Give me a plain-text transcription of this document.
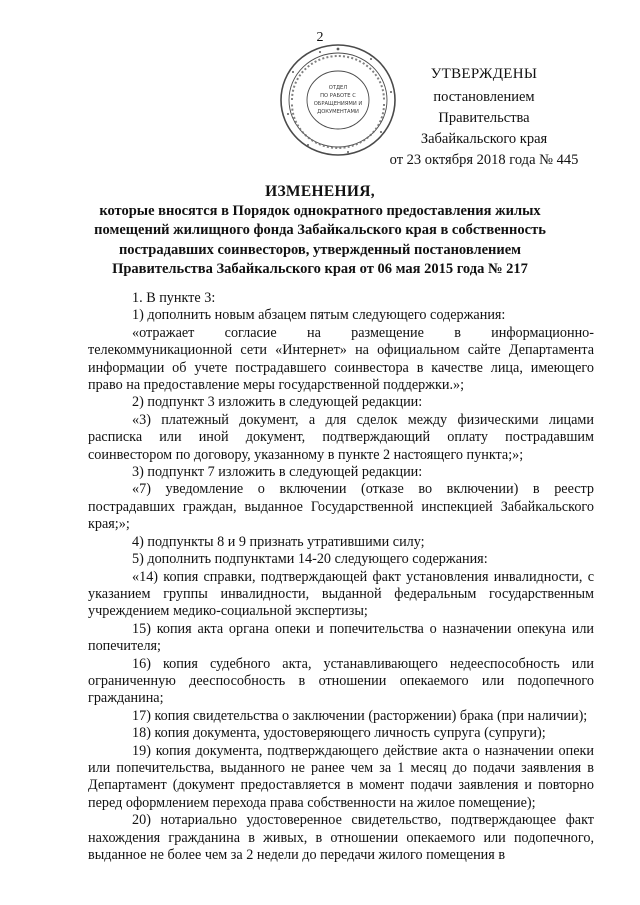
2
ОТДЕЛ
ПО РАБОТЕ С
ОБРАЩЕНИЯМИ И
ДОКУМЕНТАМИ
УТВЕРЖДЕНЫ
постановлением Правительства
Забайкальского края
от 23 октября 2018 года № 445
ИЗМЕНЕНИЯ,
которые вносятся в Порядок однократного предоставления жилых помещений жилищного фонда Забайкальского края в собственность пострадавших соинвесторов, утвержденный постановлением Правительства Забайкальского края от 06 мая 2015 года № 217

1. В пункте 3:

1) дополнить новым абзацем пятым следующего содержания:

«отражает согласие на размещение в информационно-телекоммуникационной сети «Интернет» на официальном сайте Департамента информации об учете пострадавшего соинвестора в качестве лица, имеющего право на предоставление меры государственной поддержки.»;

2) подпункт 3 изложить в следующей редакции:

«3) платежный документ, а для сделок между физическими лицами расписка или иной документ, подтверждающий оплату пострадавшим соинвестором по договору, указанному в пункте 2 настоящего пункта;»;

3) подпункт 7 изложить в следующей редакции:

«7) уведомление о включении (отказе во включении) в реестр пострадавших граждан, выданное Государственной инспекцией Забайкальского края;»;

4) подпункты 8 и 9 признать утратившими силу;

5) дополнить подпунктами 14-20 следующего содержания:

«14) копия справки, подтверждающей факт установления инвалидности, с указанием группы инвалидности, выданной федеральным государственным учреждением медико-социальной экспертизы;

15) копия акта органа опеки и попечительства о назначении опекуна или попечителя;

16) копия судебного акта, устанавливающего недееспособность или ограниченную дееспособность в отношении опекаемого или подопечного гражданина;

17) копия свидетельства о заключении (расторжении) брака (при наличии);

18) копия документа, удостоверяющего личность супруга (супруги);

19) копия документа, подтверждающего действие акта о назначении опеки или попечительства, выданного не ранее чем за 1 месяц до подачи заявления в Департамент (документ предоставляется в момент подачи заявления и повторно перед оформлением перехода права собственности на жилое помещение);

20) нотариально удостоверенное свидетельство, подтверждающее факт нахождения гражданина в живых, в отношении опекаемого или подопечного, выданное не более чем за 2 недели до передачи жилого помещения в
